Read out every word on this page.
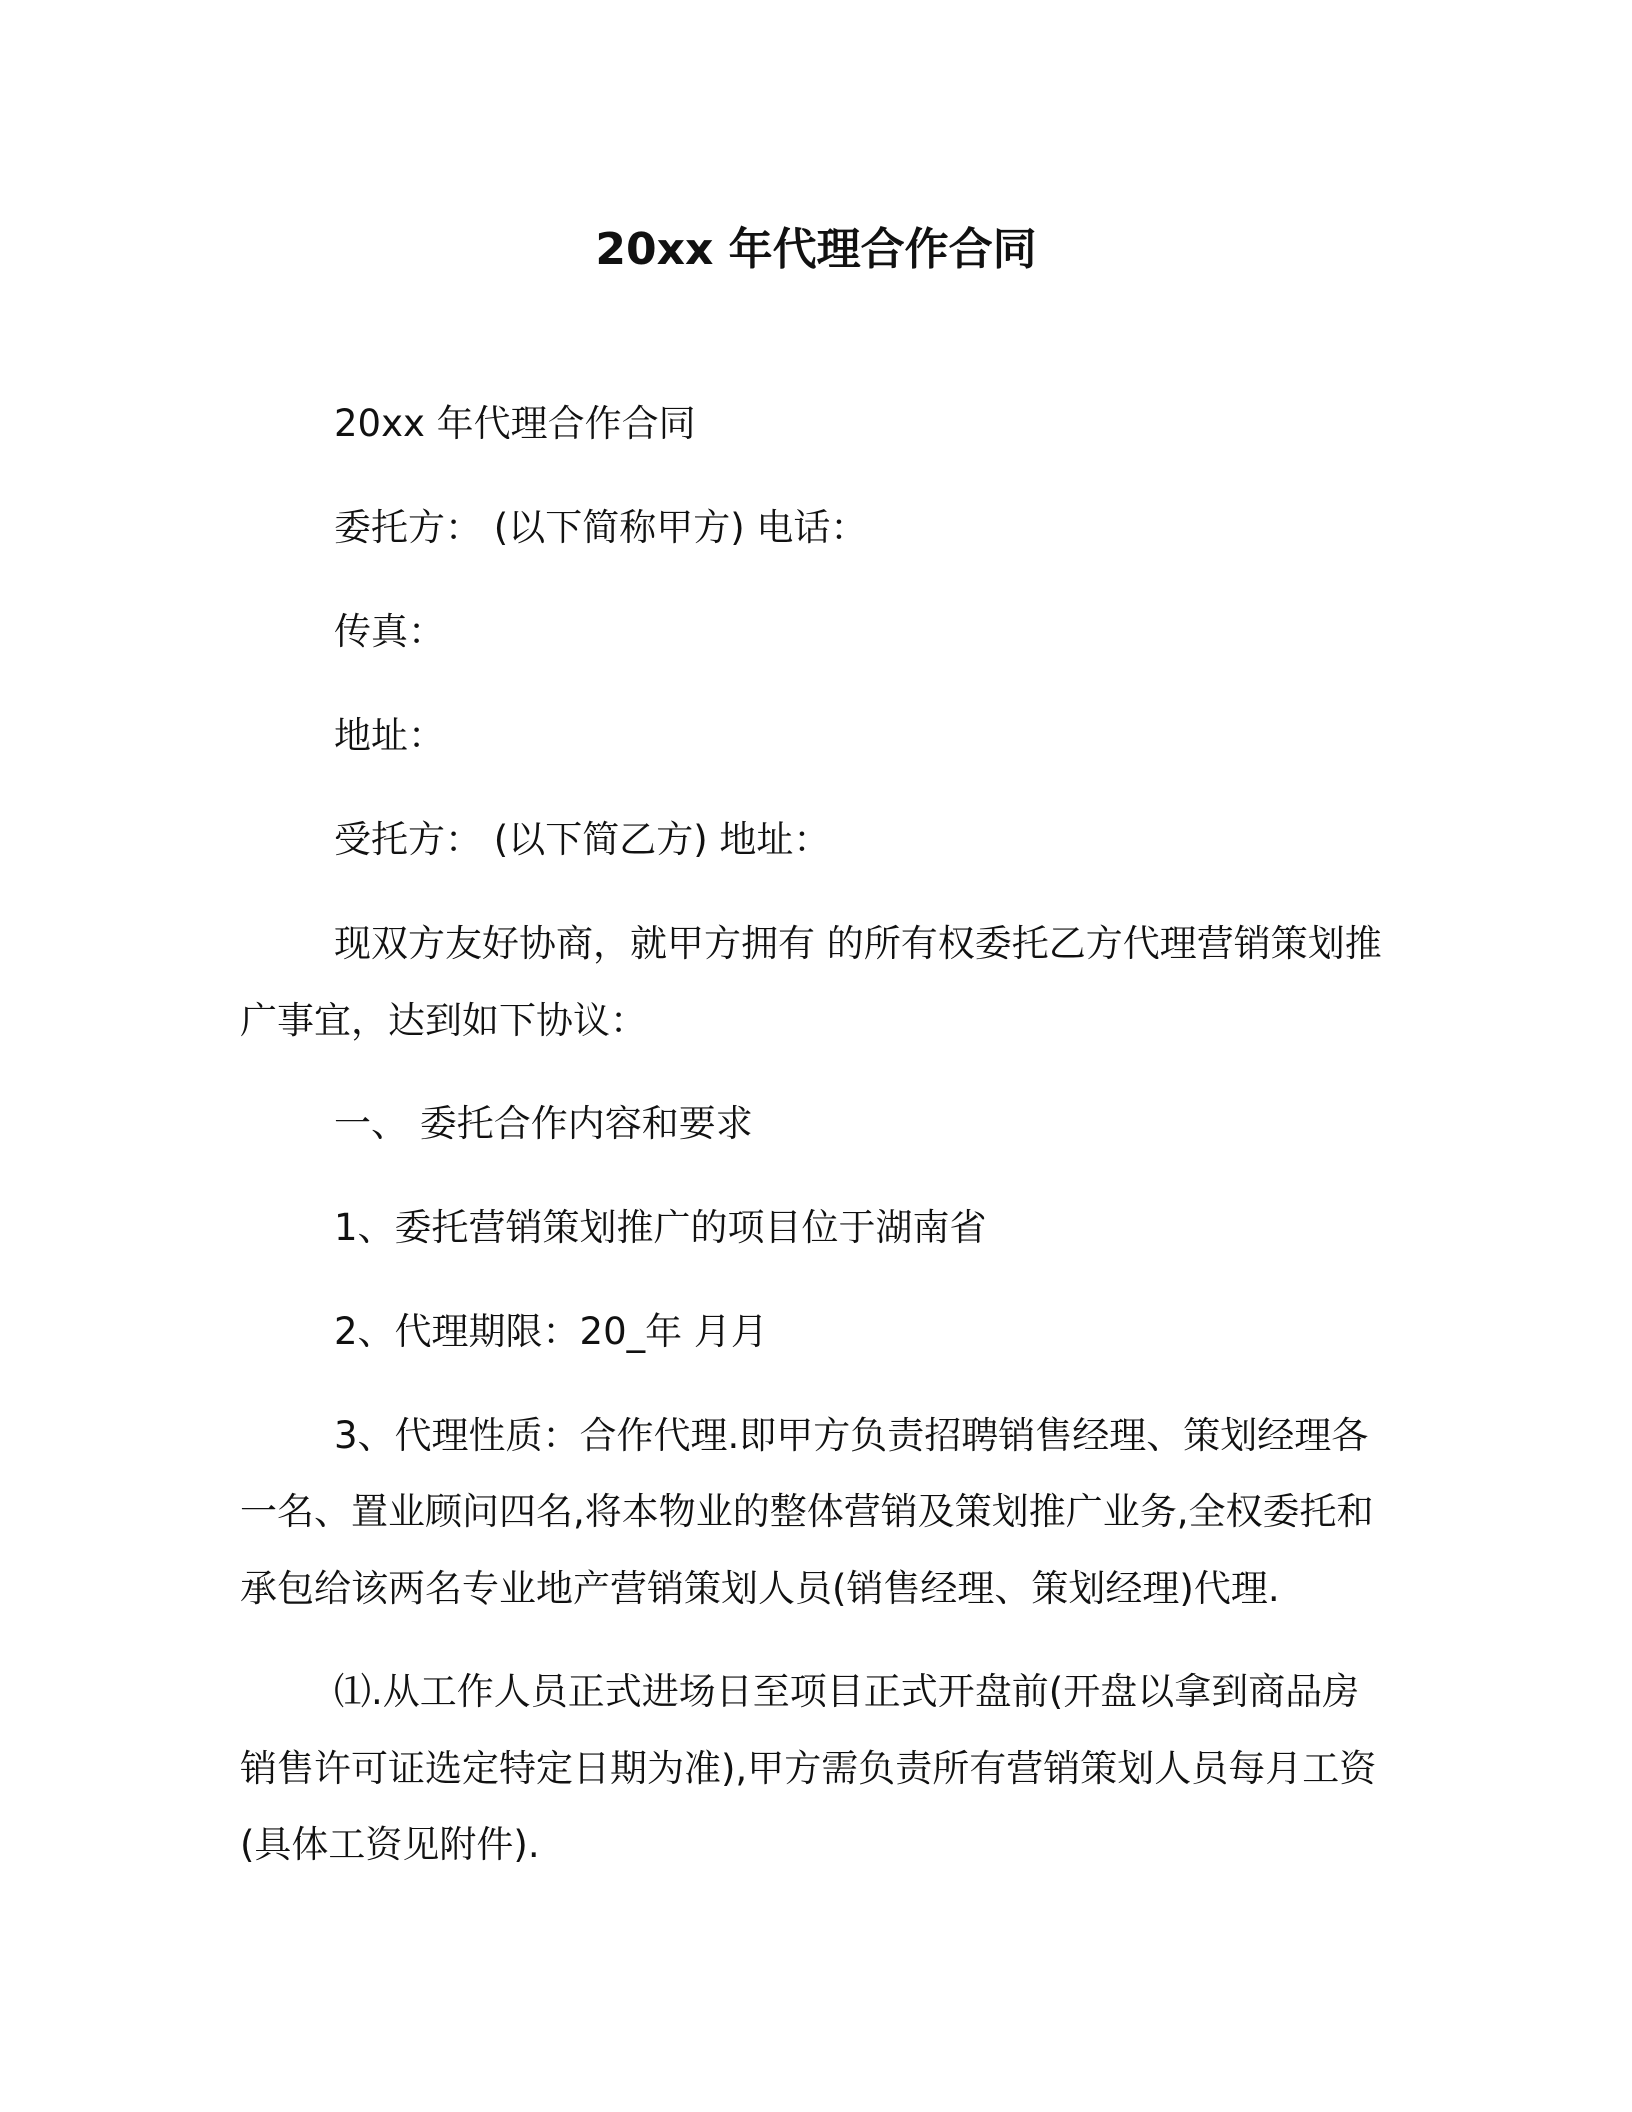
20xx 年代理合作合同
20xx 年代理合作合同
委托方： (以下简称甲方) 电话：
传真：
地址：
受托方： (以下简乙方) 地址：
现双方友好协商，就甲方拥有 的所有权委托乙方代理营销策划推
广事宜，达到如下协议：
一、 委托合作内容和要求
1、委托营销策划推广的项目位于湖南省
2、代理期限：20_年 月月
3、代理性质：合作代理.即甲方负责招聘销售经理、策划经理各
一名、置业顾问四名,将本物业的整体营销及策划推广业务,全权委托和
承包给该两名专业地产营销策划人员(销售经理、策划经理)代理.
⑴.从工作人员正式进场日至项目正式开盘前(开盘以拿到商品房
销售许可证选定特定日期为准),甲方需负责所有营销策划人员每月工资
(具体工资见附件).
